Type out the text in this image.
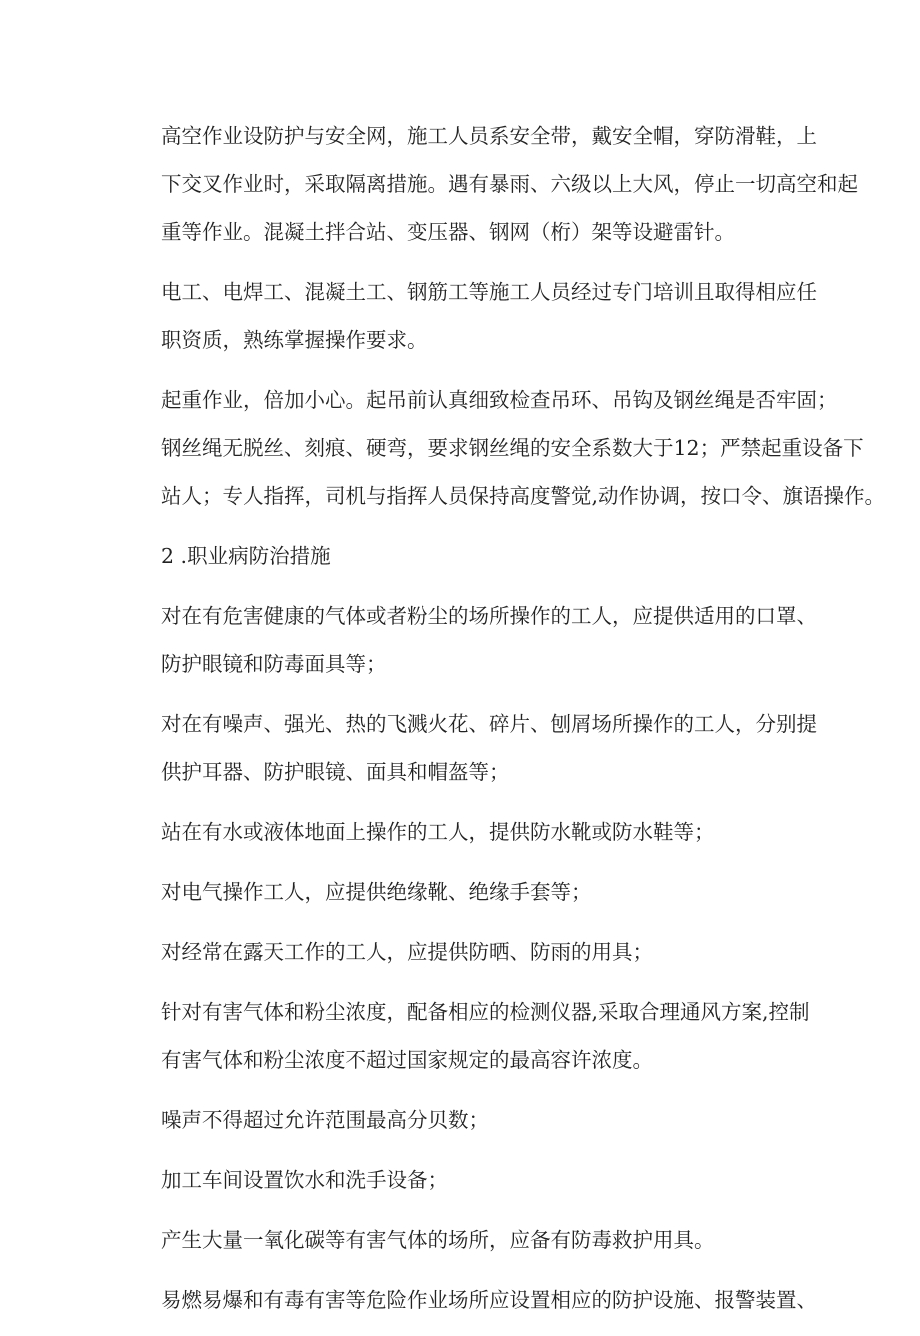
高空作业设防护与安全网，施工人员系安全带，戴安全帽，穿防滑鞋，上
下交叉作业时，采取隔离措施。遇有暴雨、六级以上大风，停止一切高空和起
重等作业。混凝土拌合站、变压器、钢网（桁）架等设避雷针。

电工、电焊工、混凝土工、钢筋工等施工人员经过专门培训且取得相应任
职资质，熟练掌握操作要求。

起重作业，倍加小心。起吊前认真细致检查吊环、吊钩及钢丝绳是否牢固；
钢丝绳无脱丝、刻痕、硬弯，要求钢丝绳的安全系数大于12；严禁起重设备下
站人；专人指挥，司机与指挥人员保持高度警觉,动作协调，按口令、旗语操作。

2 .职业病防治措施

对在有危害健康的气体或者粉尘的场所操作的工人，应提供适用的口罩、
防护眼镜和防毒面具等；

对在有噪声、强光、热的飞溅火花、碎片、刨屑场所操作的工人，分别提
供护耳器、防护眼镜、面具和帽盔等；

站在有水或液体地面上操作的工人，提供防水靴或防水鞋等；

对电气操作工人，应提供绝缘靴、绝缘手套等；

对经常在露天工作的工人，应提供防晒、防雨的用具；

针对有害气体和粉尘浓度，配备相应的检测仪器,采取合理通风方案,控制
有害气体和粉尘浓度不超过国家规定的最高容许浓度。

噪声不得超过允许范围最高分贝数；

加工车间设置饮水和洗手设备；

产生大量一氧化碳等有害气体的场所，应备有防毒救护用具。

易燃易爆和有毒有害等危险作业场所应设置相应的防护设施、报警装置、
